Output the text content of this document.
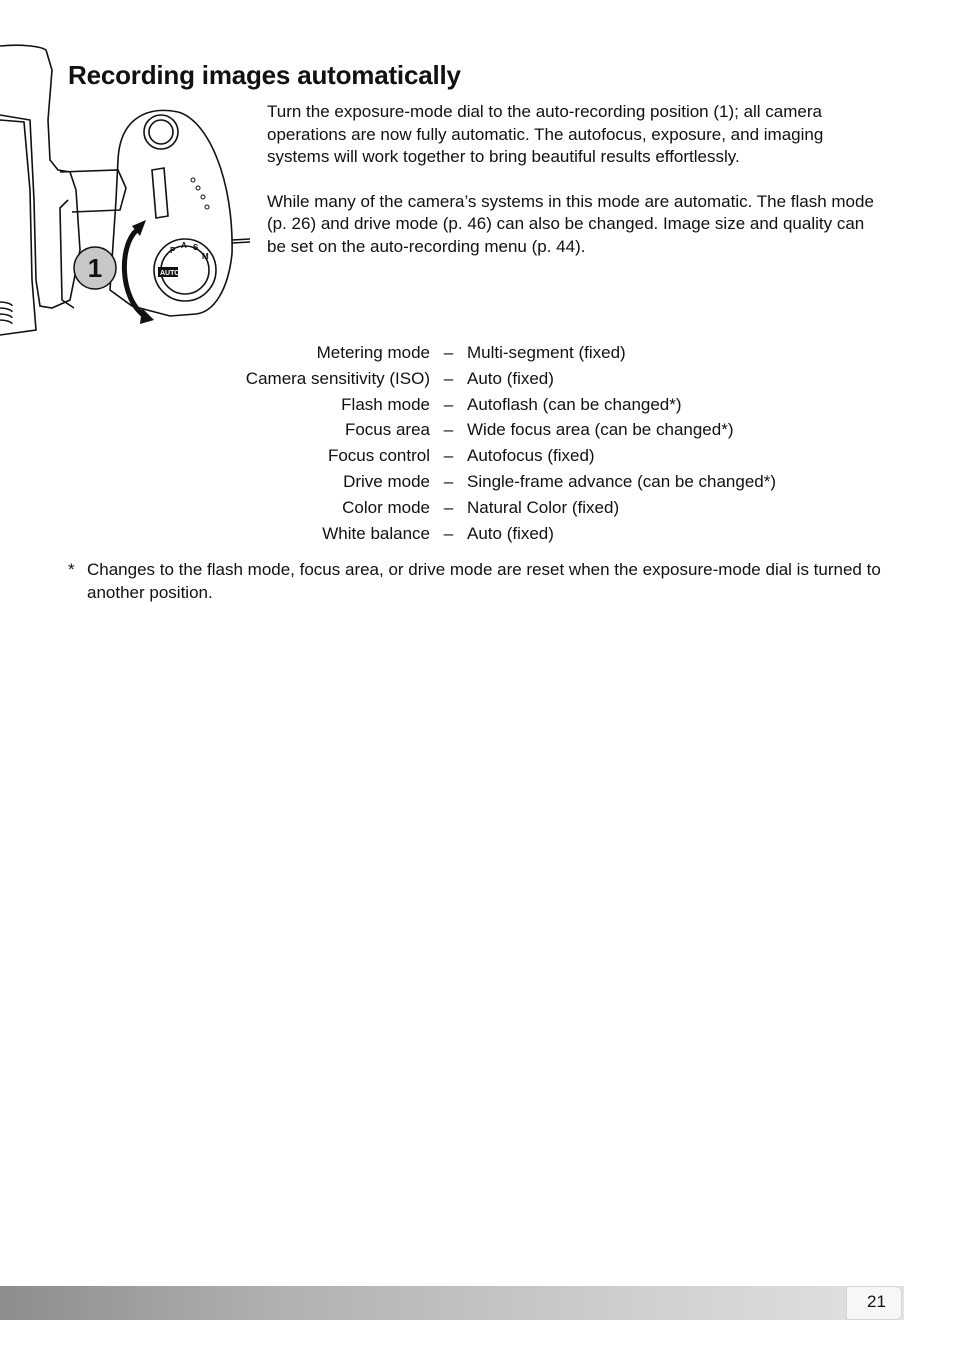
AUTO
P
A S
M
1
Recording images automatically

Turn the exposure-mode dial to the auto-recording position (1); all camera operations are now fully automatic. The autofocus, exposure, and imaging systems will work together to bring beautiful results effortlessly.

While many of the camera’s systems in this mode are automatic. The flash mode (p. 26) and drive mode (p. 46) can also be changed. Image size and quality can be set on the auto-recording menu (p. 44).

Metering mode	–	Multi-segment (fixed)
Camera sensitivity (ISO)	–	Auto (fixed)
Flash mode	–	Autoflash (can be changed*)
Focus area	–	Wide focus area (can be changed*)
Focus control	–	Autofocus (fixed)
Drive mode	–	Single-frame advance (can be changed*)
Color mode	–	Natural Color (fixed)
White balance	–	Auto (fixed)
* Changes to the flash mode, focus area, or drive mode are reset when the exposure-mode dial is turned to another position.
21
